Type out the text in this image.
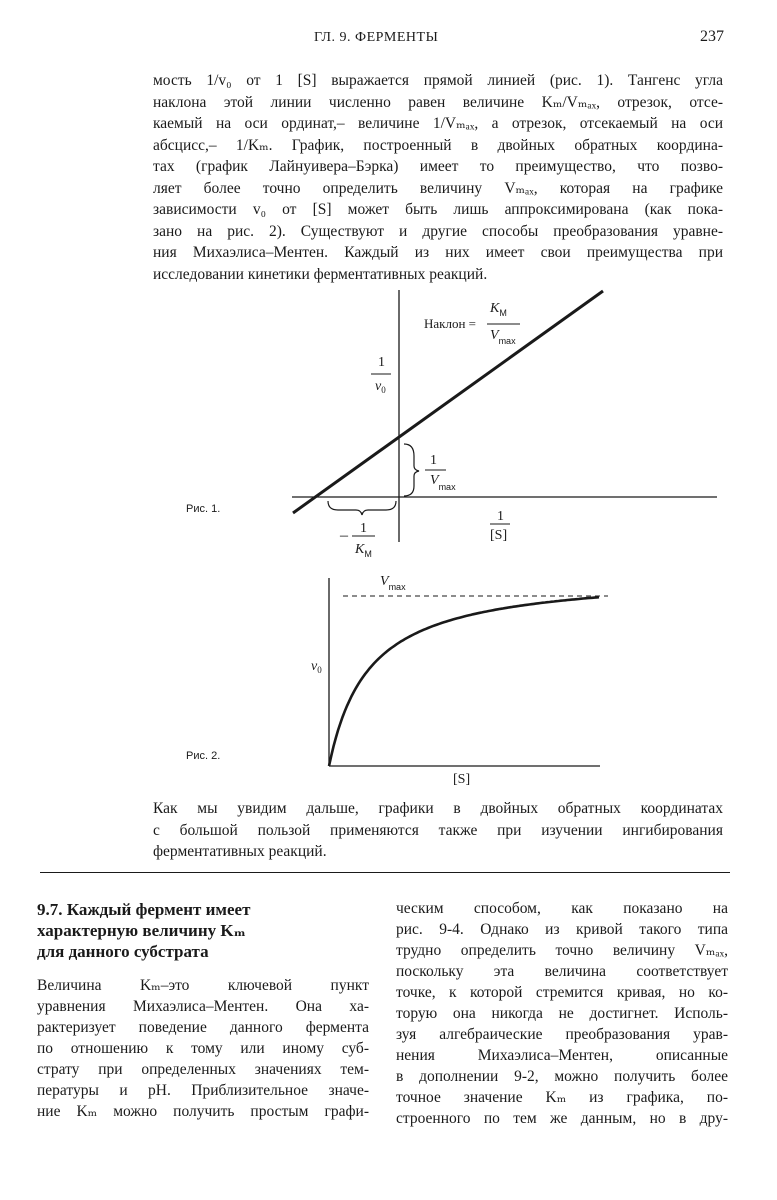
ГЛ. 9. ФЕРМЕНТЫ	237
мость 1/v₀ от 1 [S] выражается прямой линией (рис. 1). Тангенс угла
наклона этой линии численно равен величине Kₘ/Vₘₐₓ, отрезок, отсе-
каемый на оси ординат,– величине 1/Vₘₐₓ, а отрезок, отсекаемый на оси
абсцисс,– 1/Kₘ. График, построенный в двойных обратных координа-
тах (график Лайнуивера–Бэрка) имеет то преимущество, что позво-
ляет более точно определить величину Vₘₐₓ, которая на графике
зависимости v₀ от [S] может быть лишь аппроксимирована (как пока-
зано на рис. 2). Существуют и другие способы преобразования уравне-
ния Михаэлиса–Ментен. Каждый из них имеет свои преимущества при
исследовании кинетики ферментативных реакций.
Рис. 1.
Наклон =
$K_M$
$V_{max}$
1
$v_0$
1
$V_{max}$
1
[S]
– 1
$K_M$
Рис. 2.
$V_{max}$
$v_0$
[S]
Как мы увидим дальше, графики в двойных обратных координатах
с большой пользой применяются также при изучении ингибирования
ферментативных реакций.
9.7. Каждый фермент имеет
характерную величину Kₘ
для данного субстрата
Величина Kₘ–это ключевой пункт
уравнения Михаэлиса–Ментен. Она ха-
рактеризует поведение данного фермента
по отношению к тому или иному суб-
страту при определенных значениях тем-
пературы и pH. Приблизительное значе-
ние Kₘ можно получить простым графи-
ческим способом, как показано на
рис. 9-4. Однако из кривой такого типа
трудно определить точно величину Vₘₐₓ,
поскольку эта величина соответствует
точке, к которой стремится кривая, но ко-
торую она никогда не достигнет. Исполь-
зуя алгебраические преобразования урав-
нения Михаэлиса–Ментен, описанные
в дополнении 9-2, можно получить более
точное значение Kₘ из графика, по-
строенного по тем же данным, но в дру-
